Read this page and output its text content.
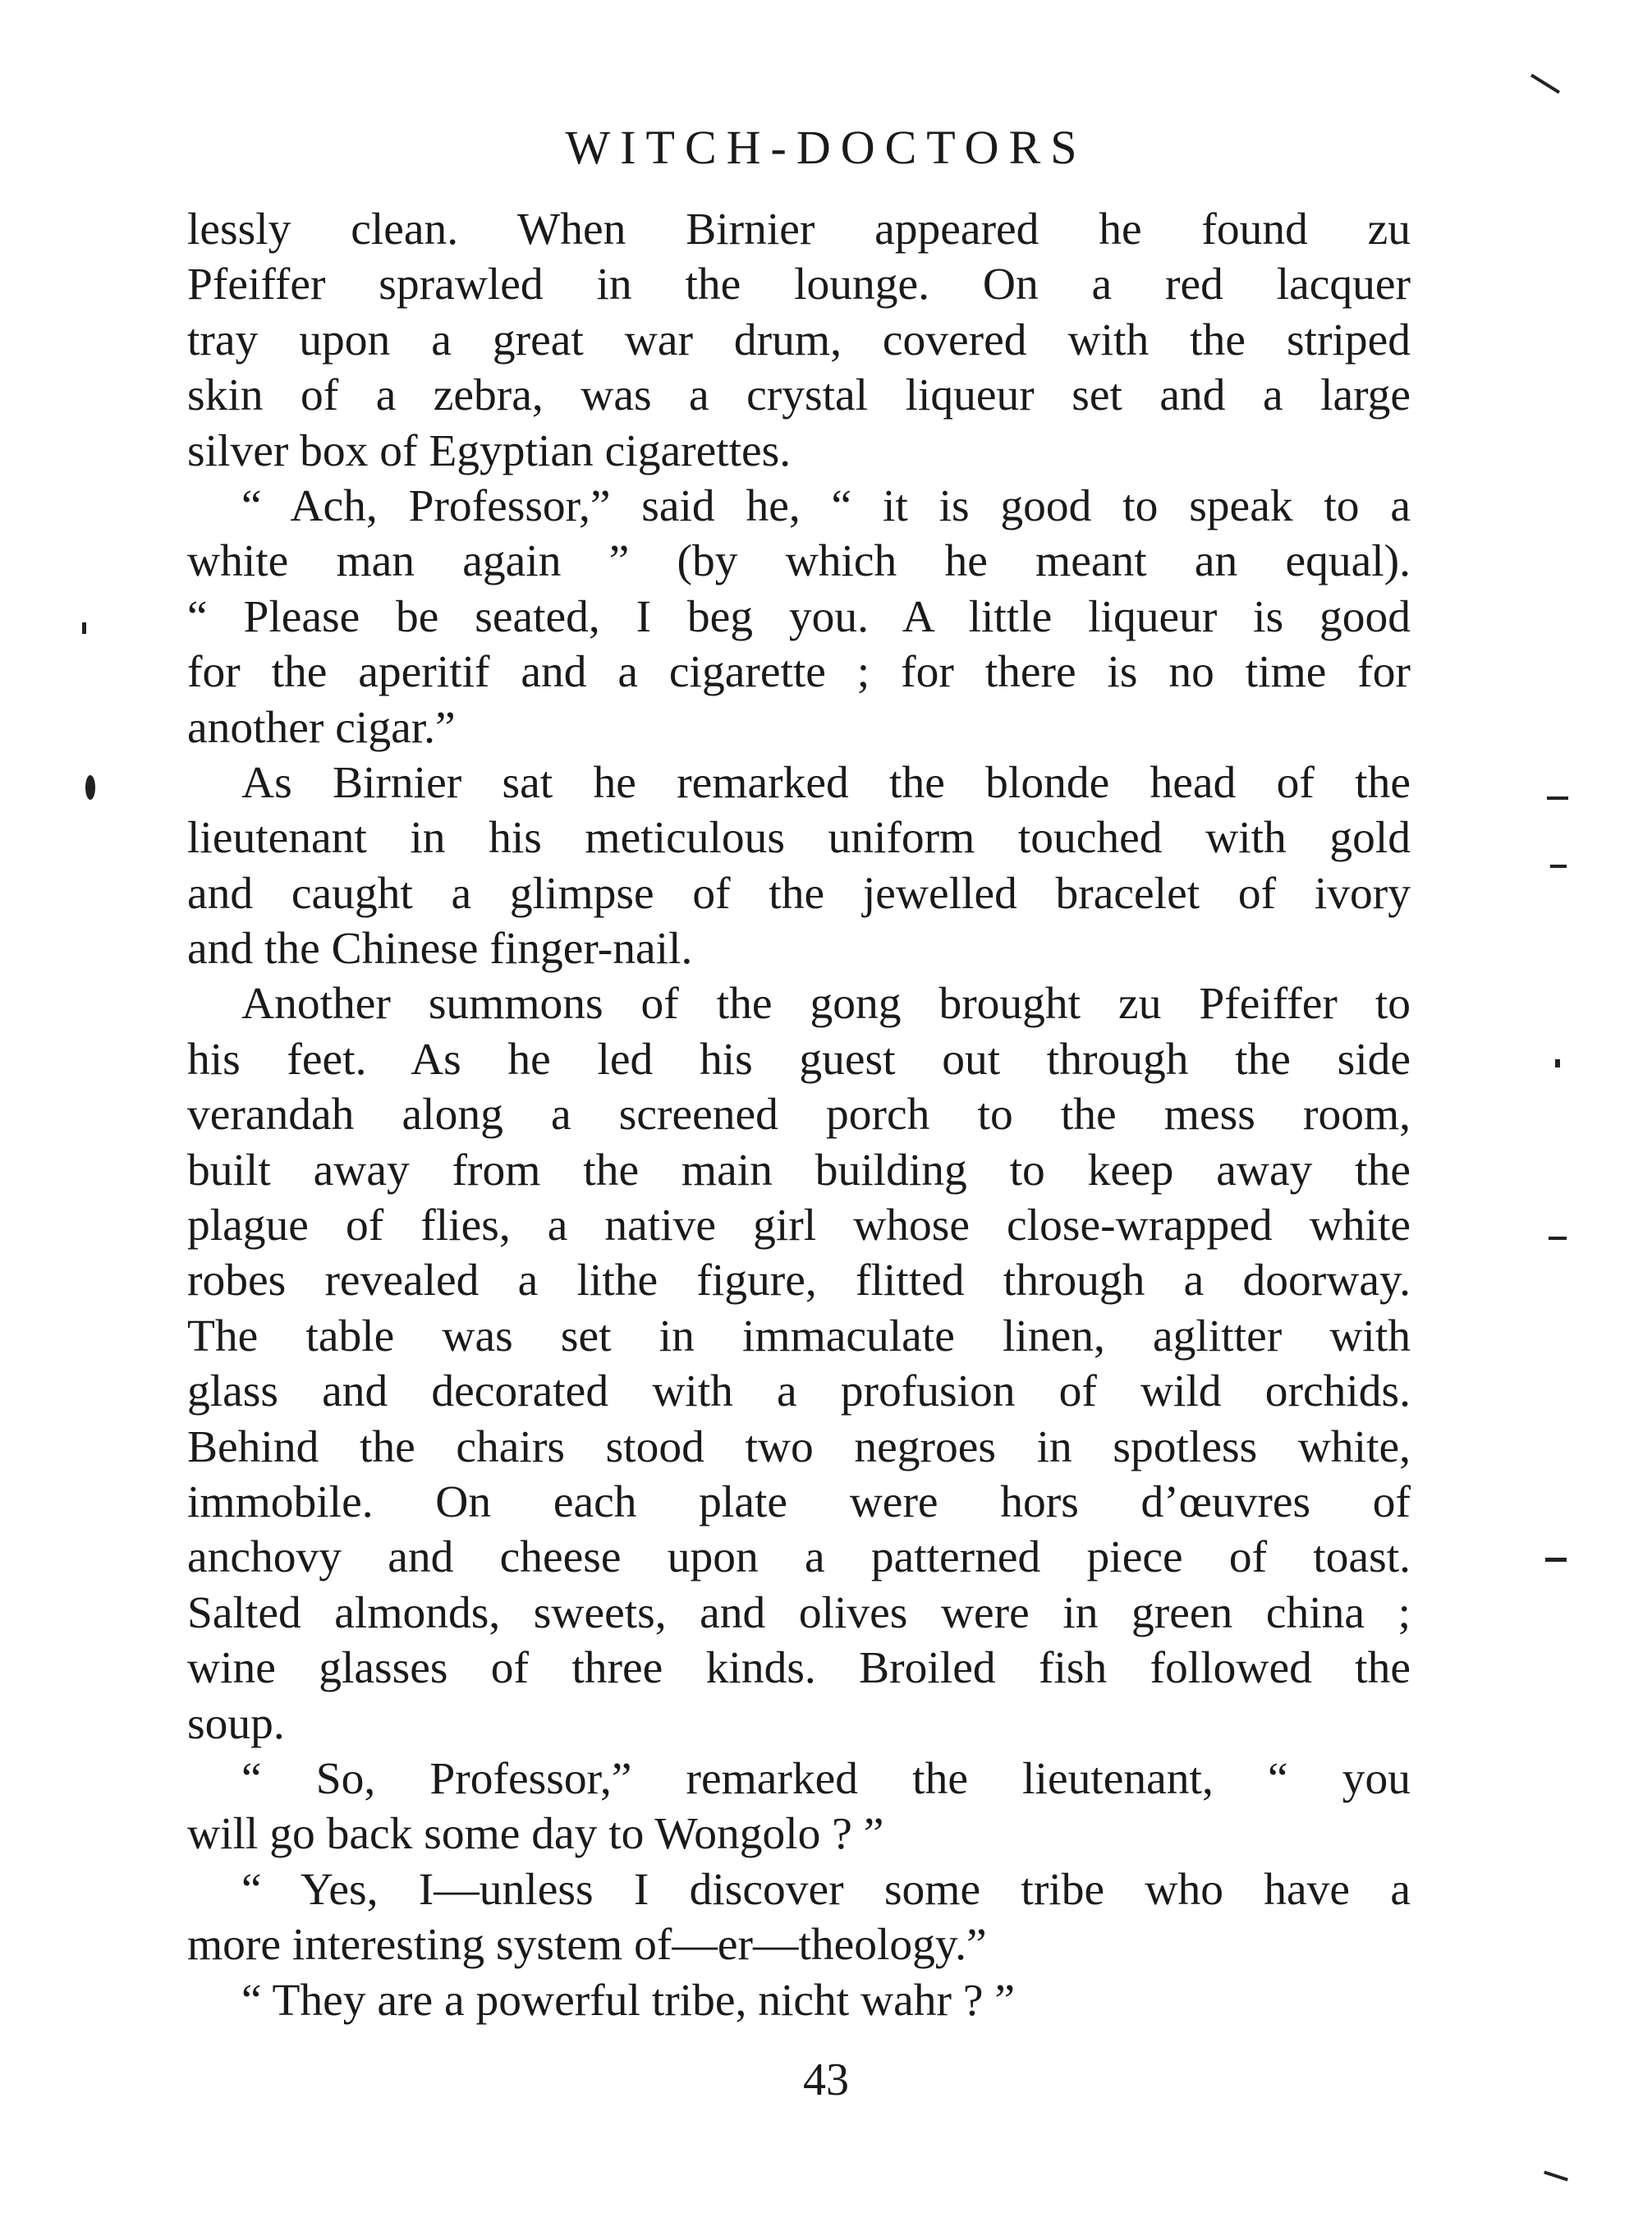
WITCH-DOCTORS
lessly clean. When Birnier appeared he found zu
Pfeiffer sprawled in the lounge. On a red lacquer
tray upon a great war drum, covered with the striped
skin of a zebra, was a crystal liqueur set and a large
silver box of Egyptian cigarettes.
“ Ach, Professor,” said he, “ it is good to speak to a
white man again ” (by which he meant an equal).
“ Please be seated, I beg you. A little liqueur is good
for the aperitif and a cigarette ; for there is no time for
another cigar.”
As Birnier sat he remarked the blonde head of the
lieutenant in his meticulous uniform touched with gold
and caught a glimpse of the jewelled bracelet of ivory
and the Chinese finger-nail.
Another summons of the gong brought zu Pfeiffer to
his feet. As he led his guest out through the side
verandah along a screened porch to the mess room,
built away from the main building to keep away the
plague of flies, a native girl whose close-wrapped white
robes revealed a lithe figure, flitted through a doorway.
The table was set in immaculate linen, aglitter with
glass and decorated with a profusion of wild orchids.
Behind the chairs stood two negroes in spotless white,
immobile. On each plate were hors d’œuvres of
anchovy and cheese upon a patterned piece of toast.
Salted almonds, sweets, and olives were in green china ;
wine glasses of three kinds. Broiled fish followed the
soup.
“ So, Professor,” remarked the lieutenant, “ you
will go back some day to Wongolo ? ”
“ Yes, I—unless I discover some tribe who have a
more interesting system of—er—theology.”
“ They are a powerful tribe, nicht wahr ? ”
43
